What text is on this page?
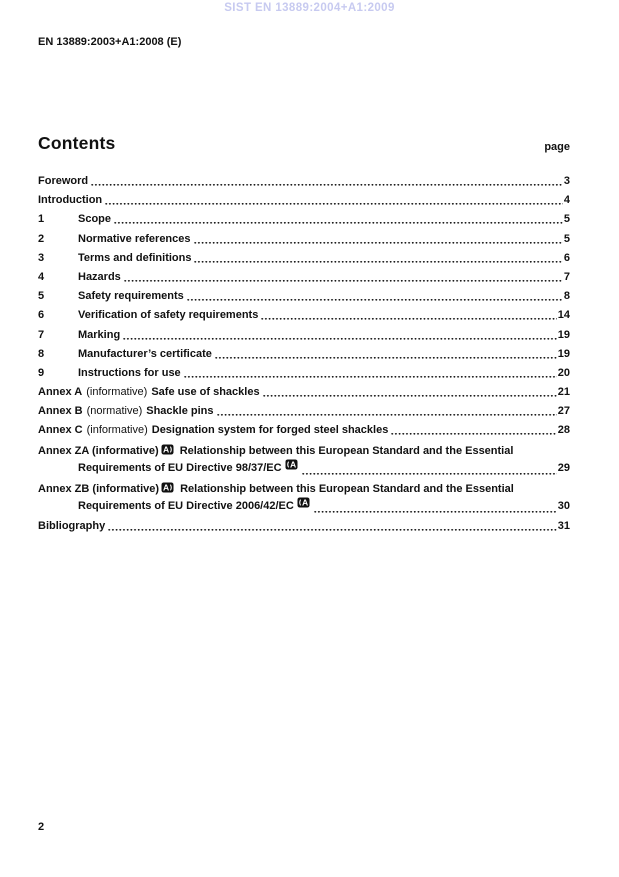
SIST EN 13889:2004+A1:2009
EN 13889:2003+A1:2008 (E)
Contents	page
Foreword	3
Introduction	4
1	Scope	5
2	Normative references	5
3	Terms and definitions	6
4	Hazards	7
5	Safety requirements	8
6	Verification of safety requirements	14
7	Marking	19
8	Manufacturer’s certificate	19
9	Instructions for use	20
Annex A (informative) Safe use of shackles	21
Annex B (normative) Shackle pins	27
Annex C (informative) Designation system for forged steel shackles	28
Annex ZA (informative) A Relationship between this European Standard and the Essential
Requirements of EU Directive 98/37/EC A	29
Annex ZB (informative) A Relationship between this European Standard and the Essential
Requirements of EU Directive 2006/42/EC A	30
Bibliography	31
2
